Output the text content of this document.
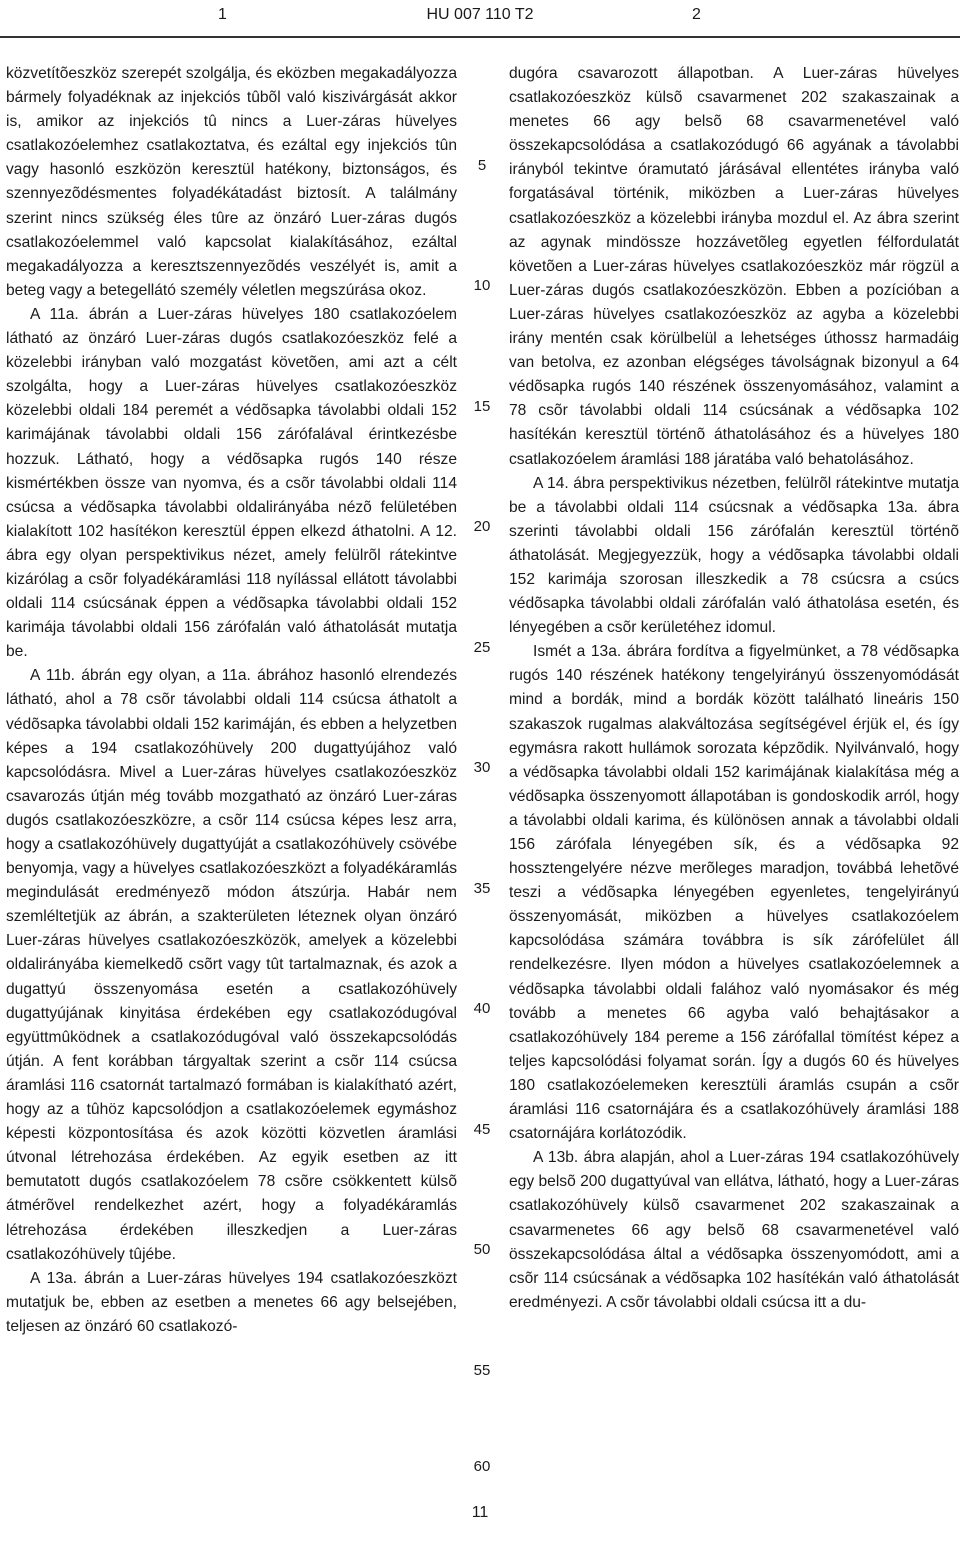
1	HU 007 110 T2	2

közvetítõeszköz szerepét szolgálja, és eközben megakadályozza bármely folyadéknak az injekciós tûbõl való kiszivárgását akkor is, amikor az injekciós tû nincs a Luer-záras hüvelyes csatlakozóelemhez csatlakoztatva, és ezáltal egy injekciós tûn vagy hasonló eszközön keresztül hatékony, biztonságos, és szennyezõdésmentes folyadékátadást biztosít. A találmány szerint nincs szükség éles tûre az önzáró Luer-záras dugós csatlakozóelemmel való kapcsolat kialakításához, ezáltal megakadályozza a keresztszennyezõdés veszélyét is, amit a beteg vagy a betegellátó személy véletlen megszúrása okoz.

A 11a. ábrán a Luer-záras hüvelyes 180 csatlakozóelem látható az önzáró Luer-záras dugós csatlakozóeszköz felé a közelebbi irányban való mozgatást követõen, ami azt a célt szolgálta, hogy a Luer-záras hüvelyes csatlakozóeszköz közelebbi oldali 184 peremét a védõsapka távolabbi oldali 152 karimájának távolabbi oldali 156 zárófalával érintkezésbe hozzuk. Látható, hogy a védõsapka rugós 140 része kismértékben össze van nyomva, és a csõr távolabbi oldali 114 csúcsa a védõsapka távolabbi oldalirányába nézõ felületében kialakított 102 hasítékon keresztül éppen elkezd áthatolni. A 12. ábra egy olyan perspektivikus nézet, amely felülrõl rátekintve kizárólag a csõr folyadékáramlási 118 nyílással ellátott távolabbi oldali 114 csúcsának éppen a védõsapka távolabbi oldali 152 karimája távolabbi oldali 156 zárófalán való áthatolását mutatja be.

A 11b. ábrán egy olyan, a 11a. ábrához hasonló elrendezés látható, ahol a 78 csõr távolabbi oldali 114 csúcsa áthatolt a védõsapka távolabbi oldali 152 karimáján, és ebben a helyzetben képes a 194 csatlakozóhüvely 200 dugattyújához való kapcsolódásra. Mivel a Luer-záras hüvelyes csatlakozóeszköz csavarozás útján még tovább mozgatható az önzáró Luer-záras dugós csatlakozóeszközre, a csõr 114 csúcsa képes lesz arra, hogy a csatlakozóhüvely dugattyúját a csatlakozóhüvely csövébe benyomja, vagy a hüvelyes csatlakozóeszközt a folyadékáramlás megindulását eredményezõ módon átszúrja. Habár nem szemléltetjük az ábrán, a szakterületen léteznek olyan önzáró Luer-záras hüvelyes csatlakozóeszközök, amelyek a közelebbi oldalirányába kiemelkedõ csõrt vagy tût tartalmaznak, és azok a dugattyú összenyomása esetén a csatlakozóhüvely dugattyújának kinyitása érdekében egy csatlakozódugóval együttmûködnek a csatlakozódugóval való összekapcsolódás útján. A fent korábban tárgyaltak szerint a csõr 114 csúcsa áramlási 116 csatornát tartalmazó formában is kialakítható azért, hogy az a tûhöz kapcsolódjon a csatlakozóelemek egymáshoz képesti központosítása és azok közötti közvetlen áramlási útvonal létrehozása érdekében. Az egyik esetben az itt bemutatott dugós csatlakozóelem 78 csõre csökkentett külsõ átmérõvel rendelkezhet azért, hogy a folyadékáramlás létrehozása érdekében illeszkedjen a Luer-záras csatlakozóhüvely tûjébe.

A 13a. ábrán a Luer-záras hüvelyes 194 csatlakozóeszközt mutatjuk be, ebben az esetben a menetes 66 agy belsejében, teljesen az önzáró 60 csatlakozó-

5
10
15
20
25
30
35
40
45
50
55
60

dugóra csavarozott állapotban. A Luer-záras hüvelyes csatlakozóeszköz külsõ csavarmenet 202 szakaszainak a menetes 66 agy belsõ 68 csavarmenetével való összekapcsolódása a csatlakozódugó 66 agyának a távolabbi irányból tekintve óramutató járásával ellentétes irányba való forgatásával történik, miközben a Luer-záras hüvelyes csatlakozóeszköz a közelebbi irányba mozdul el. Az ábra szerint az agynak mindössze hozzávetõleg egyetlen félfordulatát követõen a Luer-záras hüvelyes csatlakozóeszköz már rögzül a Luer-záras dugós csatlakozóeszközön. Ebben a pozícióban a Luer-záras hüvelyes csatlakozóeszköz az agyba a közelebbi irány mentén csak körülbelül a lehetséges úthossz harmadáig van betolva, ez azonban elégséges távolságnak bizonyul a 64 védõsapka rugós 140 részének összenyomásához, valamint a 78 csõr távolabbi oldali 114 csúcsának a védõsapka 102 hasítékán keresztül történõ áthatolásához és a hüvelyes 180 csatlakozóelem áramlási 188 járatába való behatolásához.

A 14. ábra perspektivikus nézetben, felülrõl rátekintve mutatja be a távolabbi oldali 114 csúcsnak a védõsapka 13a. ábra szerinti távolabbi oldali 156 zárófalán keresztül történõ áthatolását. Megjegyezzük, hogy a védõsapka távolabbi oldali 152 karimája szorosan illeszkedik a 78 csúcsra a csúcs védõsapka távolabbi oldali zárófalán való áthatolása esetén, és lényegében a csõr kerületéhez idomul.

Ismét a 13a. ábrára fordítva a figyelmünket, a 78 védõsapka rugós 140 részének hatékony tengelyirányú összenyomódását mind a bordák, mind a bordák között található lineáris 150 szakaszok rugalmas alakváltozása segítségével érjük el, és így egymásra rakott hullámok sorozata képzõdik. Nyilvánvaló, hogy a védõsapka távolabbi oldali 152 karimájának kialakítása még a védõsapka összenyomott állapotában is gondoskodik arról, hogy a távolabbi oldali karima, és különösen annak a távolabbi oldali 156 zárófala lényegében sík, és a védõsapka 92 hossztengelyére nézve merõleges maradjon, továbbá lehetõvé teszi a védõsapka lényegében egyenletes, tengelyirányú összenyomását, miközben a hüvelyes csatlakozóelem kapcsolódása számára továbbra is sík zárófelület áll rendelkezésre. Ilyen módon a hüvelyes csatlakozóelemnek a védõsapka távolabbi oldali falához való nyomásakor és még tovább a menetes 66 agyba való behajtásakor a csatlakozóhüvely 184 pereme a 156 zárófallal tömítést képez a teljes kapcsolódási folyamat során. Így a dugós 60 és hüvelyes 180 csatlakozóelemeken keresztüli áramlás csupán a csõr áramlási 116 csatornájára és a csatlakozóhüvely áramlási 188 csatornájára korlátozódik.

A 13b. ábra alapján, ahol a Luer-záras 194 csatlakozóhüvely egy belsõ 200 dugattyúval van ellátva, látható, hogy a Luer-záras csatlakozóhüvely külsõ csavarmenet 202 szakaszainak a csavarmenetes 66 agy belsõ 68 csavarmenetével való összekapcsolódása által a védõsapka összenyomódott, ami a csõr 114 csúcsának a védõsapka 102 hasítékán való áthatolását eredményezi. A csõr távolabbi oldali csúcsa itt a du-

11
